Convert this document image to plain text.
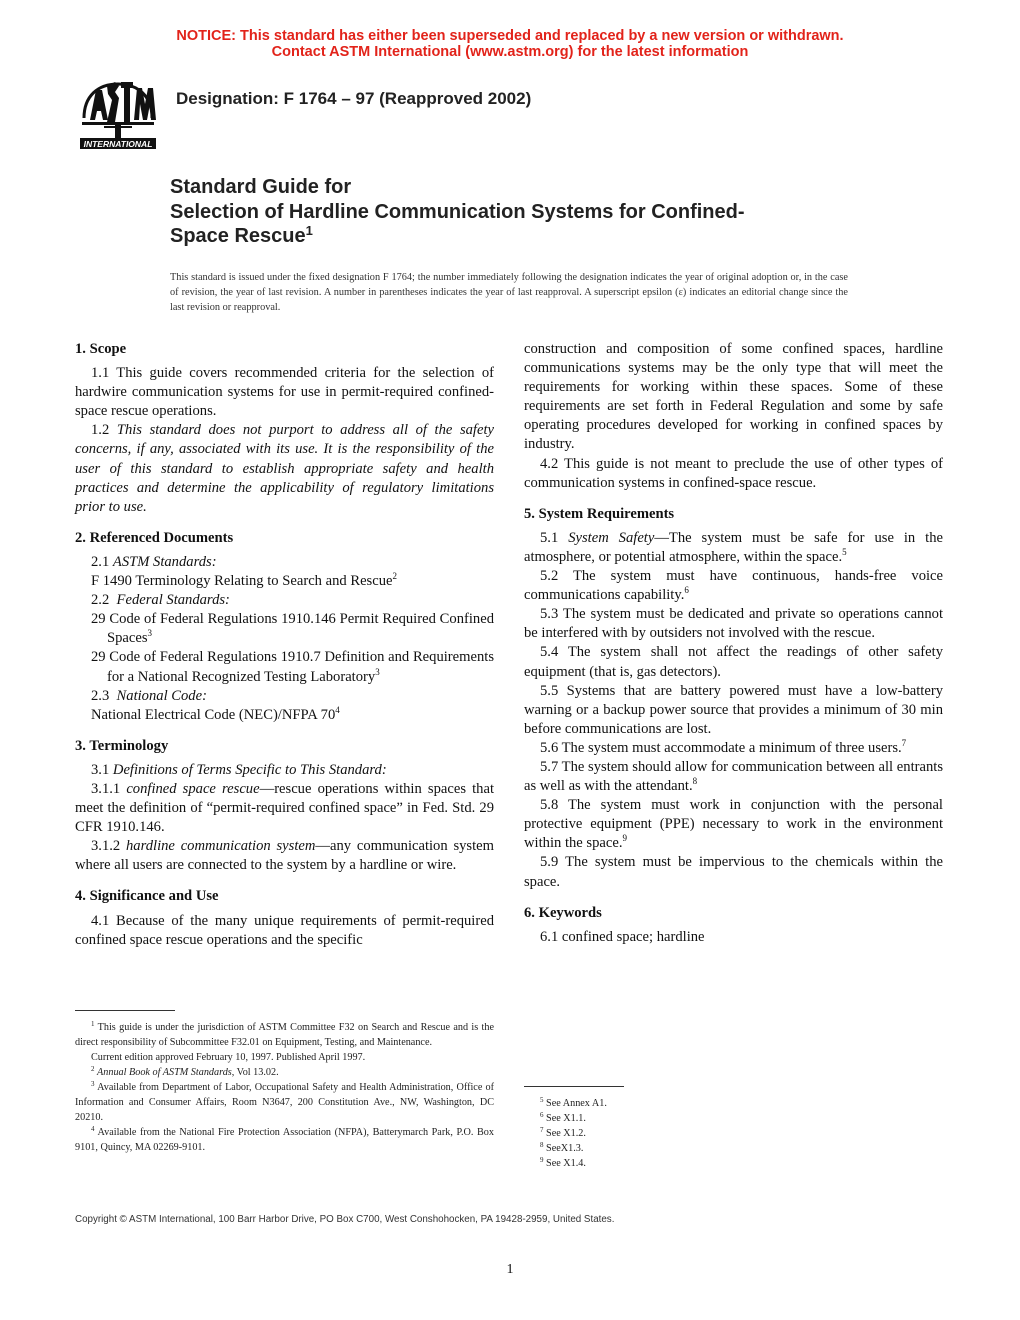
NOTICE: This standard has either been superseded and replaced by a new version or withdrawn.
Contact ASTM International (www.astm.org) for the latest information
INTERNATIONAL
Designation: F 1764 – 97 (Reapproved 2002)
Standard Guide for
Selection of Hardline Communication Systems for Confined-
Space Rescue$^1$
This standard is issued under the fixed designation F 1764; the number immediately following the designation indicates the year of original adoption or, in the case of revision, the year of last revision. A number in parentheses indicates the year of last reapproval. A superscript epsilon (ε) indicates an editorial change since the last revision or reapproval.
1. Scope

1.1 This guide covers recommended criteria for the selection of hardwire communication systems for use in permit-required confined-space rescue operations.

1.2 This standard does not purport to address all of the safety concerns, if any, associated with its use. It is the responsibility of the user of this standard to establish appropriate safety and health practices and determine the applicability of regulatory limitations prior to use.

2. Referenced Documents

2.1 ASTM Standards:

F 1490 Terminology Relating to Search and Rescue$^2$

2.2 Federal Standards:

29 Code of Federal Regulations 1910.146 Permit Required Confined Spaces$^3$

29 Code of Federal Regulations 1910.7 Definition and Requirements for a National Recognized Testing Laboratory$^3$

2.3 National Code:

National Electrical Code (NEC)/NFPA $70^4$

3. Terminology

3.1 Definitions of Terms Specific to This Standard:

3.1.1 confined space rescue—rescue operations within spaces that meet the definition of “permit-required confined space” in Fed. Std. 29 CFR 1910.146.

3.1.2 hardline communication system—any communication system where all users are connected to the system by a hardline or wire.

4. Significance and Use

4.1 Because of the many unique requirements of permit-required confined space rescue operations and the specific

construction and composition of some confined spaces, hardline communications systems may be the only type that will meet the requirements for working within these spaces. Some of these requirements are set forth in Federal Regulation and some by safe operating procedures developed for working in confined spaces by industry.

4.2 This guide is not meant to preclude the use of other types of communication systems in confined-space rescue.

5. System Requirements

5.1 System Safety—The system must be safe for use in the atmosphere, or potential atmosphere, within the space.$^5$

5.2 The system must have continuous, hands-free voice communications capability.$^6$

5.3 The system must be dedicated and private so operations cannot be interfered with by outsiders not involved with the rescue.

5.4 The system shall not affect the readings of other safety equipment (that is, gas detectors).

5.5 Systems that are battery powered must have a low-battery warning or a backup power source that provides a minimum of 30 min before communications are lost.

5.6 The system must accommodate a minimum of three users.$^7$

5.7 The system should allow for communication between all entrants as well as with the attendant.$^8$

5.8 The system must work in conjunction with the personal protective equipment (PPE) necessary to work in the environment within the space.$^9$

5.9 The system must be impervious to the chemicals within the space.

6. Keywords

6.1 confined space; hardline

$^1$ This guide is under the jurisdiction of ASTM Committee F32 on Search and Rescue and is the direct responsibility of Subcommittee F32.01 on Equipment, Testing, and Maintenance.

Current edition approved February 10, 1997. Published April 1997.

$^2$ Annual Book of ASTM Standards, Vol 13.02.

$^3$ Available from Department of Labor, Occupational Safety and Health Administration, Office of Information and Consumer Affairs, Room N3647, 200 Constitution Ave., NW, Washington, DC 20210.

$^4$ Available from the National Fire Protection Association (NFPA), Batterymarch Park, P.O. Box 9101, Quincy, MA 02269-9101.

$^5$ See Annex A1.

$^6$ See X1.1.

$^7$ See X1.2.

$^8$ SeeX1.3.

$^9$ See X1.4.

Copyright © ASTM International, 100 Barr Harbor Drive, PO Box C700, West Conshohocken, PA 19428-2959, United States.
1
